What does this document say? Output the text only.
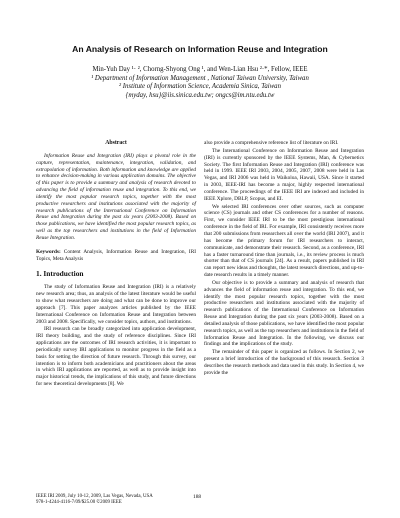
An Analysis of Research on Information Reuse and Integration
Min-Yuh Day ¹· ², Chorng-Shyong Ong ¹, and Wen-Lian Hsu ²·*, Fellow, IEEE
¹ Department of Information Management , National Taiwan University, Taiwan
² Institute of Information Science, Academia Sinica, Taiwan
{myday, hsu}@iis.sinica.edu.tw; ongcs@im.ntu.edu.tw
Abstract

Information Reuse and Integration (IRI) plays a pivotal role in the capture, representation, maintenance, integration, validation, and extrapolation of information. Both information and knowledge are applied to enhance decision-making in various application domains. The objective of this paper is to provide a summary and analysis of research devoted to advancing the field of information reuse and integration. To this end, we identify the most popular research topics, together with the most productive researchers and institutions associated with the majority of research publications of the International Conference on Information Reuse and Integration during the past six years (2003-2008). Based on those publications, we have identified the most popular research topics, as well as the top researchers and institutions in the field of Information Reuse Integration.

Keywords: Content Analysis, Information Reuse and Integration, IRI Topics, Meta Analysis

1. Introduction

The study of Information Reuse and Integration (IRI) is a relatively new research area; thus, an analysis of the latest literature would be useful to show what researchers are doing and what can be done to improve our approach [7]. This paper analyzes articles published by the IEEE International Conference on Information Reuse and Integration between 2003 and 2008. Specifically, we consider topics, authors, and institutions.

IRI research can be broadly categorized into application development, IRI theory building, and the study of reference disciplines. Since IRI applications are the outcomes of IRI research activities, it is important to periodically survey IRI applications to monitor progress in the field as a basis for setting the direction of future research. Through this survey, our intention is to inform both academicians and practitioners about the areas in which IRI applications are reported, as well as to provide insight into major historical trends, the implications of this study, and future directions for new theoretical developments [8]. We

also provide a comprehensive reference list of literature on IRI.

The International Conference on Information Reuse and Integration (IRI) is currently sponsored by the IEEE Systems, Man, & Cybernetics Society. The first Information Reuse and Integration (IRI) conference was held in 1999. IEEE IRI 2003, 2004, 2005, 2007, 2008 were held in Las Vegas, and IRI 2006 was held in Waikoloa, Hawaii, USA. Since it started in 2003, IEEE-IRI has become a major, highly respected international conference. The proceedings of the IEEE IRI are indexed and included in IEEE Xplore, DBLP, Scopus, and EI.

We selected IRI conferences over other sources, such as computer science (CS) journals and other CS conferences for a number of reasons. First, we consider IEEE IRI to be the most prestigious international conference in the field of IRI. For example, IRI consistently receives more that 200 submissions from researchers all over the world (IRI 2007), and it has become the primary forum for IRI researchers to interact, communicate, and demonstrate their research. Second, as a conference, IRI has a faster turnaround time than journals, i.e., its review process is much shorter than that of CS journals [24]. As a result, papers published in IRI can report new ideas and thoughts, the latest research directions, and up-to-date research results in a timely manner.

Our objective is to provide a summary and analysis of research that advances the field of information reuse and integration. To this end, we identify the most popular research topics, together with the most productive researchers and institutions associated with the majority of research publications of the International Conference on Information Reuse and Integration during the past six years (2003-2008). Based on a detailed analysis of those publications, we have identified the most popular research topics, as well as the top researchers and institutions in the field of Information Reuse and Integration. In the following, we discuss our findings and the implications of the study.

The remainder of this paper is organized as follows. In Section 2, we present a brief introduction of the background of this research. Section 3 describes the research methods and data used in this study. In Section 4, we provide the

IEEE IRI 2009, July 10-12, 2009, Las Vegas, Nevada, USA
978-1-4244-4116-7/09/$25.00 ©2009 IEEE
188
